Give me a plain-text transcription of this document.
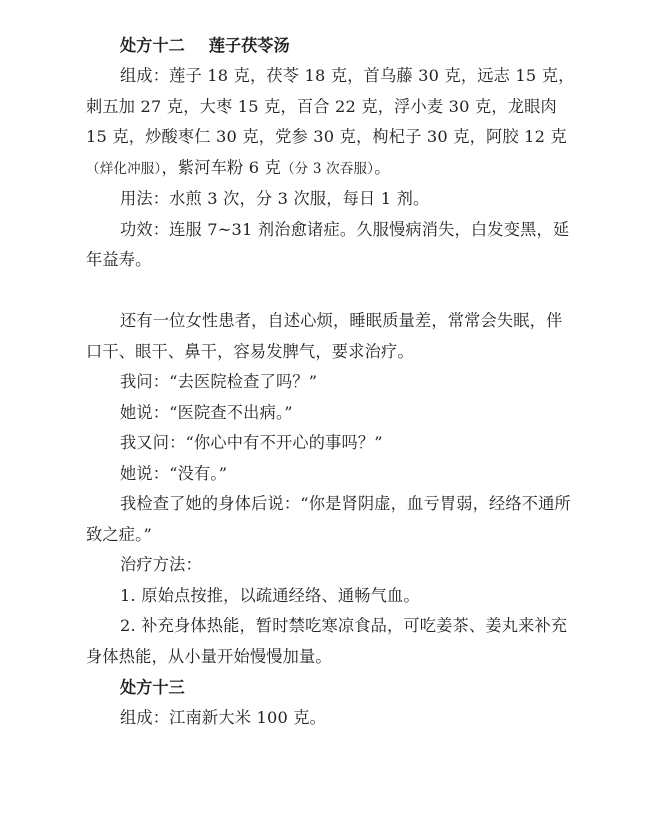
处方十二 莲子茯苓汤

组成：莲子 18 克，茯苓 18 克，首乌藤 30 克，远志 15 克，刺五加 27 克，大枣 15 克，百合 22 克，浮小麦 30 克，龙眼肉 15 克，炒酸枣仁 30 克，党参 30 克，枸杞子 30 克，阿胶 12 克（烊化冲服），紫河车粉 6 克（分 3 次吞服）。

用法：水煎 3 次，分 3 次服，每日 1 剂。

功效：连服 7~31 剂治愈诸症。久服慢病消失，白发变黑，延年益寿。

还有一位女性患者，自述心烦，睡眠质量差，常常会失眠，伴口干、眼干、鼻干，容易发脾气，要求治疗。

我问：“去医院检查了吗？”

她说：“医院查不出病。”

我又问：“你心中有不开心的事吗？”

她说：“没有。”

我检查了她的身体后说：“你是肾阴虚，血亏胃弱，经络不通所致之症。”

治疗方法：

1. 原始点按推，以疏通经络、通畅气血。

2. 补充身体热能，暂时禁吃寒凉食品，可吃姜茶、姜丸来补充身体热能，从小量开始慢慢加量。

处方十三

组成：江南新大米 100 克。
